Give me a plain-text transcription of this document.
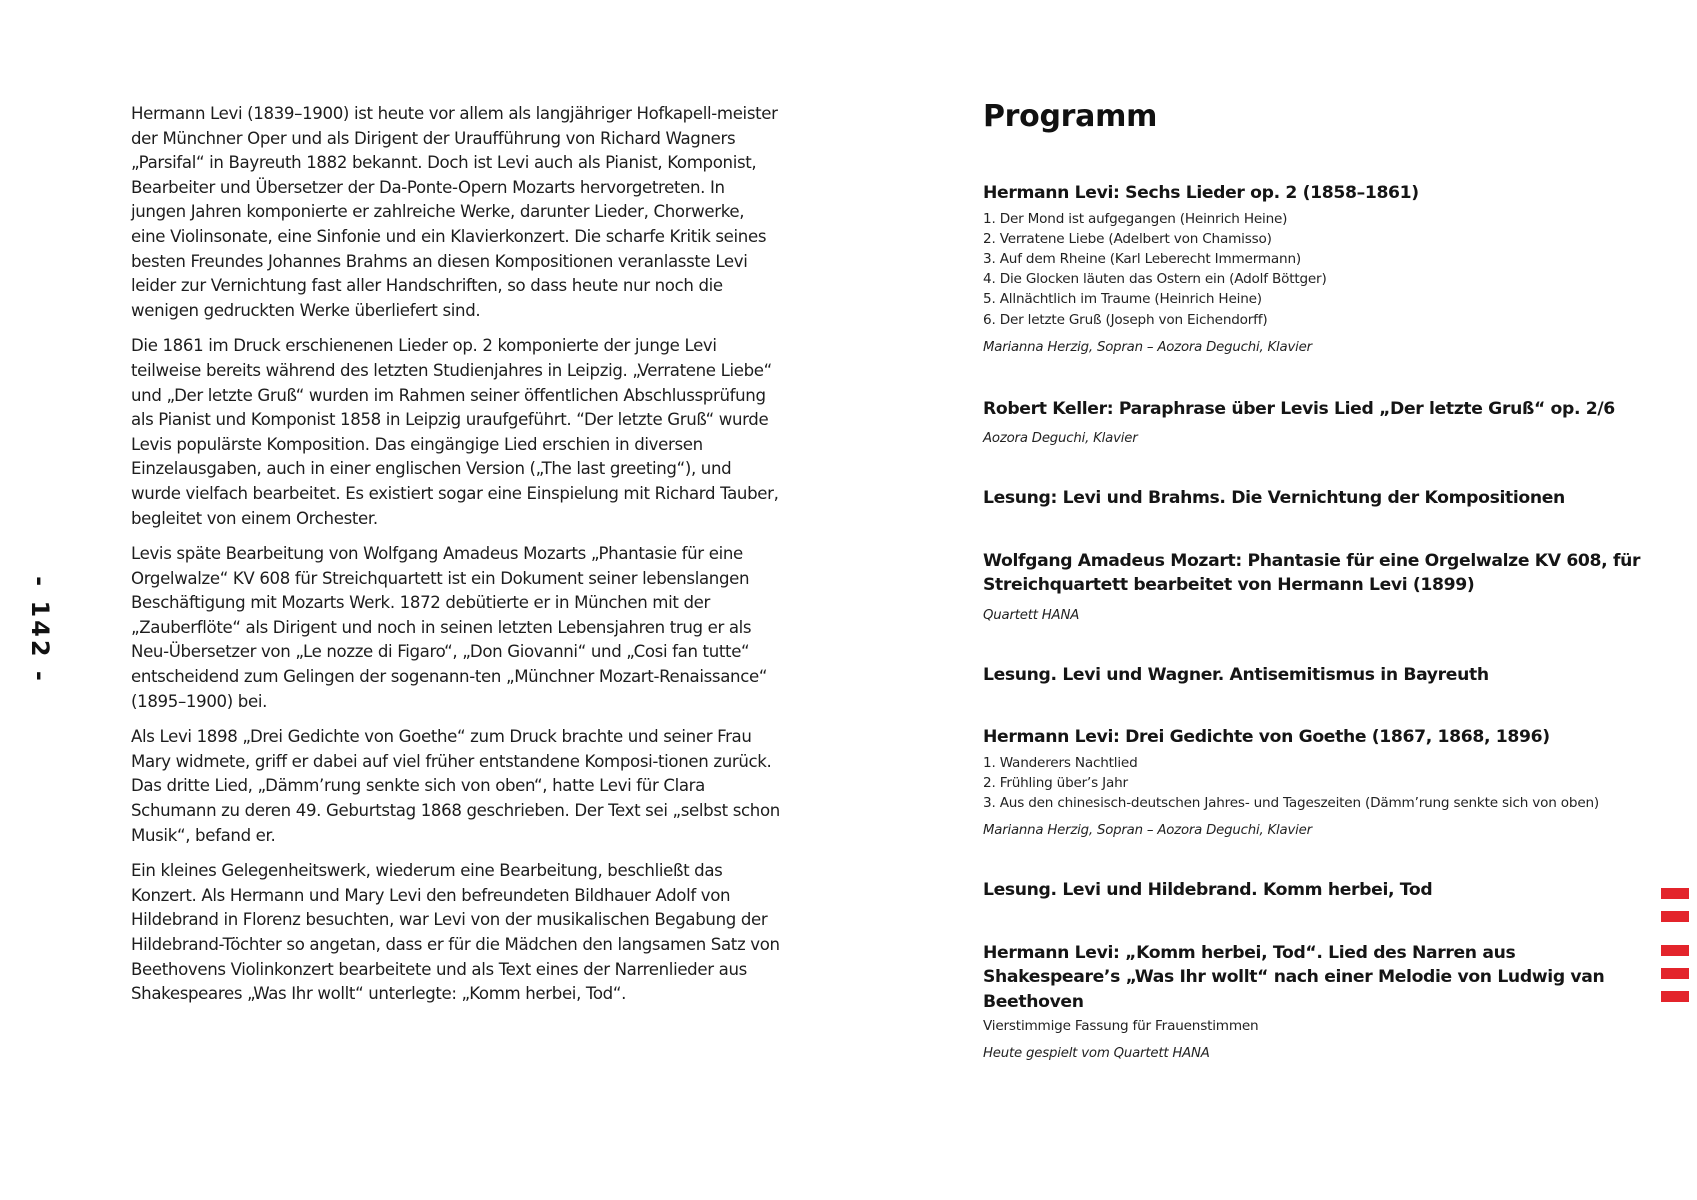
- 142 -

Hermann Levi (1839–1900) ist heute vor allem als langjähriger Hofkapell-meister der Münchner Oper und als Dirigent der Uraufführung von Richard Wagners „Parsifal“ in Bayreuth 1882 bekannt. Doch ist Levi auch als Pianist, Komponist, Bearbeiter und Übersetzer der Da-Ponte-Opern Mozarts hervorgetreten. In jungen Jahren komponierte er zahlreiche Werke, darunter Lieder, Chorwerke, eine Violinsonate, eine Sinfonie und ein Klavierkonzert. Die scharfe Kritik seines besten Freundes Johannes Brahms an diesen Kompositionen veranlasste Levi leider zur Vernichtung fast aller Handschriften, so dass heute nur noch die wenigen gedruckten Werke überliefert sind.

Die 1861 im Druck erschienenen Lieder op. 2 komponierte der junge Levi teilweise bereits während des letzten Studienjahres in Leipzig. „Verratene Liebe“ und „Der letzte Gruß“ wurden im Rahmen seiner öffentlichen Abschlussprüfung als Pianist und Komponist 1858 in Leipzig uraufgeführt. “Der letzte Gruß“ wurde Levis populärste Komposition. Das eingängige Lied erschien in diversen Einzelausgaben, auch in einer englischen Version („The last greeting“), und wurde vielfach bearbeitet. Es existiert sogar eine Einspielung mit Richard Tauber, begleitet von einem Orchester.

Levis späte Bearbeitung von Wolfgang Amadeus Mozarts „Phantasie für eine Orgelwalze“ KV 608 für Streichquartett ist ein Dokument seiner lebenslangen Beschäftigung mit Mozarts Werk. 1872 debütierte er in München mit der „Zauberflöte“ als Dirigent und noch in seinen letzten Lebensjahren trug er als Neu-Übersetzer von „Le nozze di Figaro“, „Don Giovanni“ und „Cosi fan tutte“ entscheidend zum Gelingen der sogenann-ten „Münchner Mozart-Renaissance“ (1895–1900) bei.

Als Levi 1898 „Drei Gedichte von Goethe“ zum Druck brachte und seiner Frau Mary widmete, griff er dabei auf viel früher entstandene Komposi-tionen zurück. Das dritte Lied, „Dämm’rung senkte sich von oben“, hatte Levi für Clara Schumann zu deren 49. Geburtstag 1868 geschrieben. Der Text sei „selbst schon Musik“, befand er.

Ein kleines Gelegenheitswerk, wiederum eine Bearbeitung, beschließt das Konzert. Als Hermann und Mary Levi den befreundeten Bildhauer Adolf von Hildebrand in Florenz besuchten, war Levi von der musikalischen Begabung der Hildebrand-Töchter so angetan, dass er für die Mädchen den langsamen Satz von Beethovens Violinkonzert bearbeitete und als Text eines der Narrenlieder aus Shakespeares „Was Ihr wollt“ unterlegte: „Komm herbei, Tod“.

Programm
Hermann Levi: Sechs Lieder op. 2 (1858–1861)
1. Der Mond ist aufgegangen (Heinrich Heine)
2. Verratene Liebe (Adelbert von Chamisso)
3. Auf dem Rheine (Karl Leberecht Immermann)
4. Die Glocken läuten das Ostern ein (Adolf Böttger)
5. Allnächtlich im Traume (Heinrich Heine)
6. Der letzte Gruß (Joseph von Eichendorff)
Marianna Herzig, Sopran – Aozora Deguchi, Klavier
Robert Keller: Paraphrase über Levis Lied „Der letzte Gruß“ op. 2/6
Aozora Deguchi, Klavier
Lesung: Levi und Brahms. Die Vernichtung der Kompositionen
Wolfgang Amadeus Mozart: Phantasie für eine Orgelwalze KV 608, für Streichquartett bearbeitet von Hermann Levi (1899)
Quartett HANA
Lesung. Levi und Wagner. Antisemitismus in Bayreuth
Hermann Levi: Drei Gedichte von Goethe (1867, 1868, 1896)
1. Wanderers Nachtlied
2. Frühling über’s Jahr
3. Aus den chinesisch-deutschen Jahres- und Tageszeiten (Dämm’rung senkte sich von oben)
Marianna Herzig, Sopran – Aozora Deguchi, Klavier
Lesung. Levi und Hildebrand. Komm herbei, Tod
Hermann Levi: „Komm herbei, Tod“. Lied des Narren aus Shakespeare’s „Was Ihr wollt“ nach einer Melodie von Ludwig van Beethoven
Vierstimmige Fassung für Frauenstimmen
Heute gespielt vom Quartett HANA
